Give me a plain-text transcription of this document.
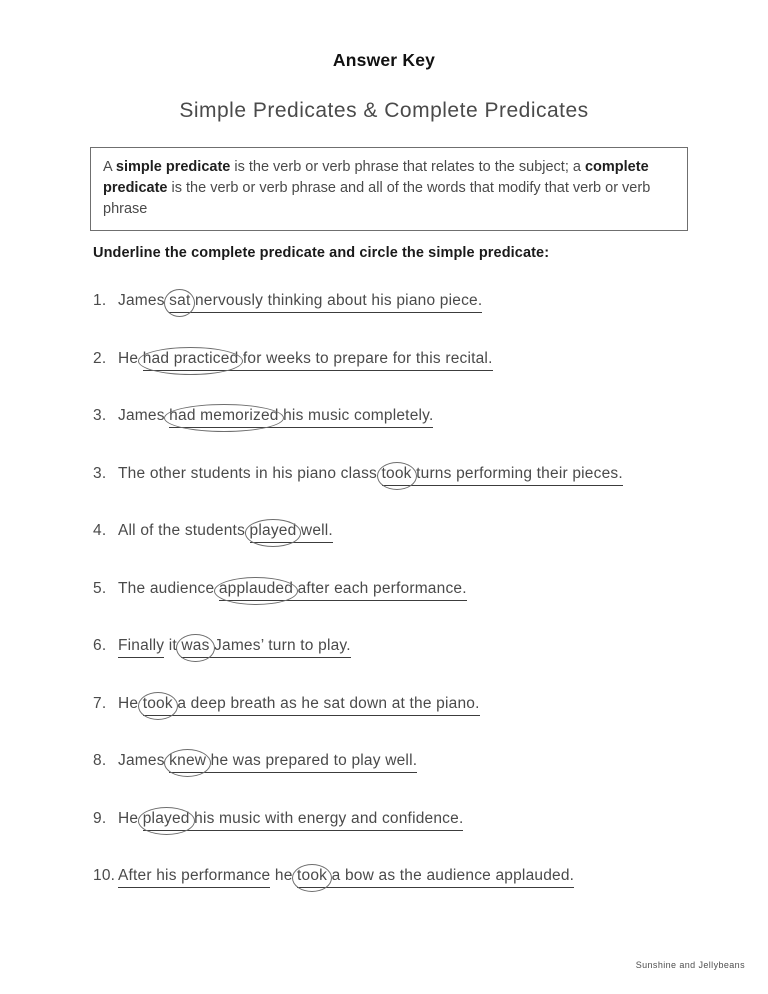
Answer Key
Simple Predicates & Complete Predicates
A simple predicate is the verb or verb phrase that relates to the subject; a complete predicate is the verb or verb phrase and all of the words that modify that verb or verb phrase
Underline the complete predicate and circle the simple predicate:
1. James sat nervously thinking about his piano piece.
2. He had practiced for weeks to prepare for this recital.
3. James had memorized his music completely.
3. The other students in his piano class took turns performing their pieces.
4. All of the students played well.
5. The audience applauded after each performance.
6. Finally it was James’ turn to play.
7. He took a deep breath as he sat down at the piano.
8. James knew he was prepared to play well.
9. He played his music with energy and confidence.
10. After his performance he took a bow as the audience applauded.
Sunshine and Jellybeans
